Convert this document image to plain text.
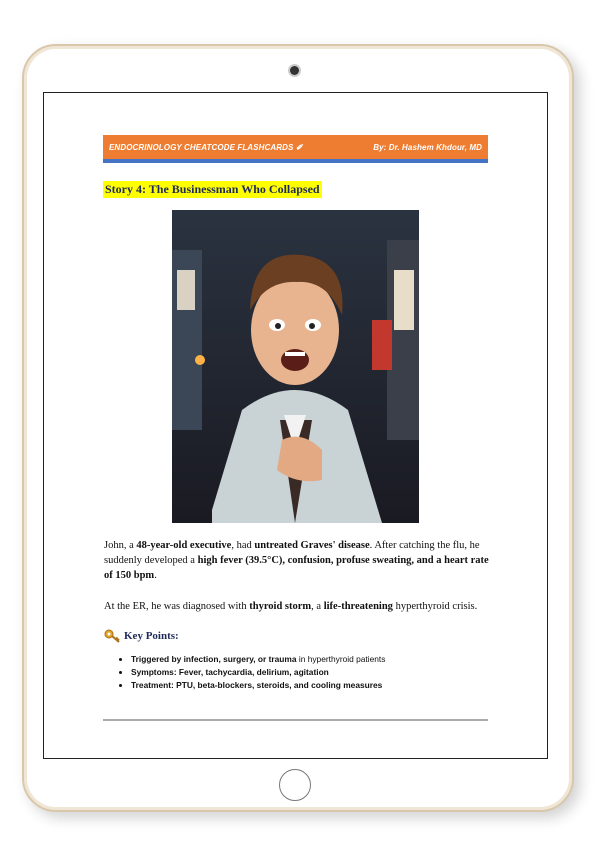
ENDOCRINOLOGY CHEATCODE FLASHCARDS ✐	By: Dr. Hashem Khdour, MD
Story 4: The Businessman Who Collapsed

John, a 48-year-old executive, had untreated Graves' disease. After catching the flu, he suddenly developed a high fever (39.5°C), confusion, profuse sweating, and a heart rate of 150 bpm.

At the ER, he was diagnosed with thyroid storm, a life-threatening hyperthyroid crisis.

Key Points:
• Triggered by infection, surgery, or trauma in hyperthyroid patients
• Symptoms: Fever, tachycardia, delirium, agitation
• Treatment: PTU, beta-blockers, steroids, and cooling measures
